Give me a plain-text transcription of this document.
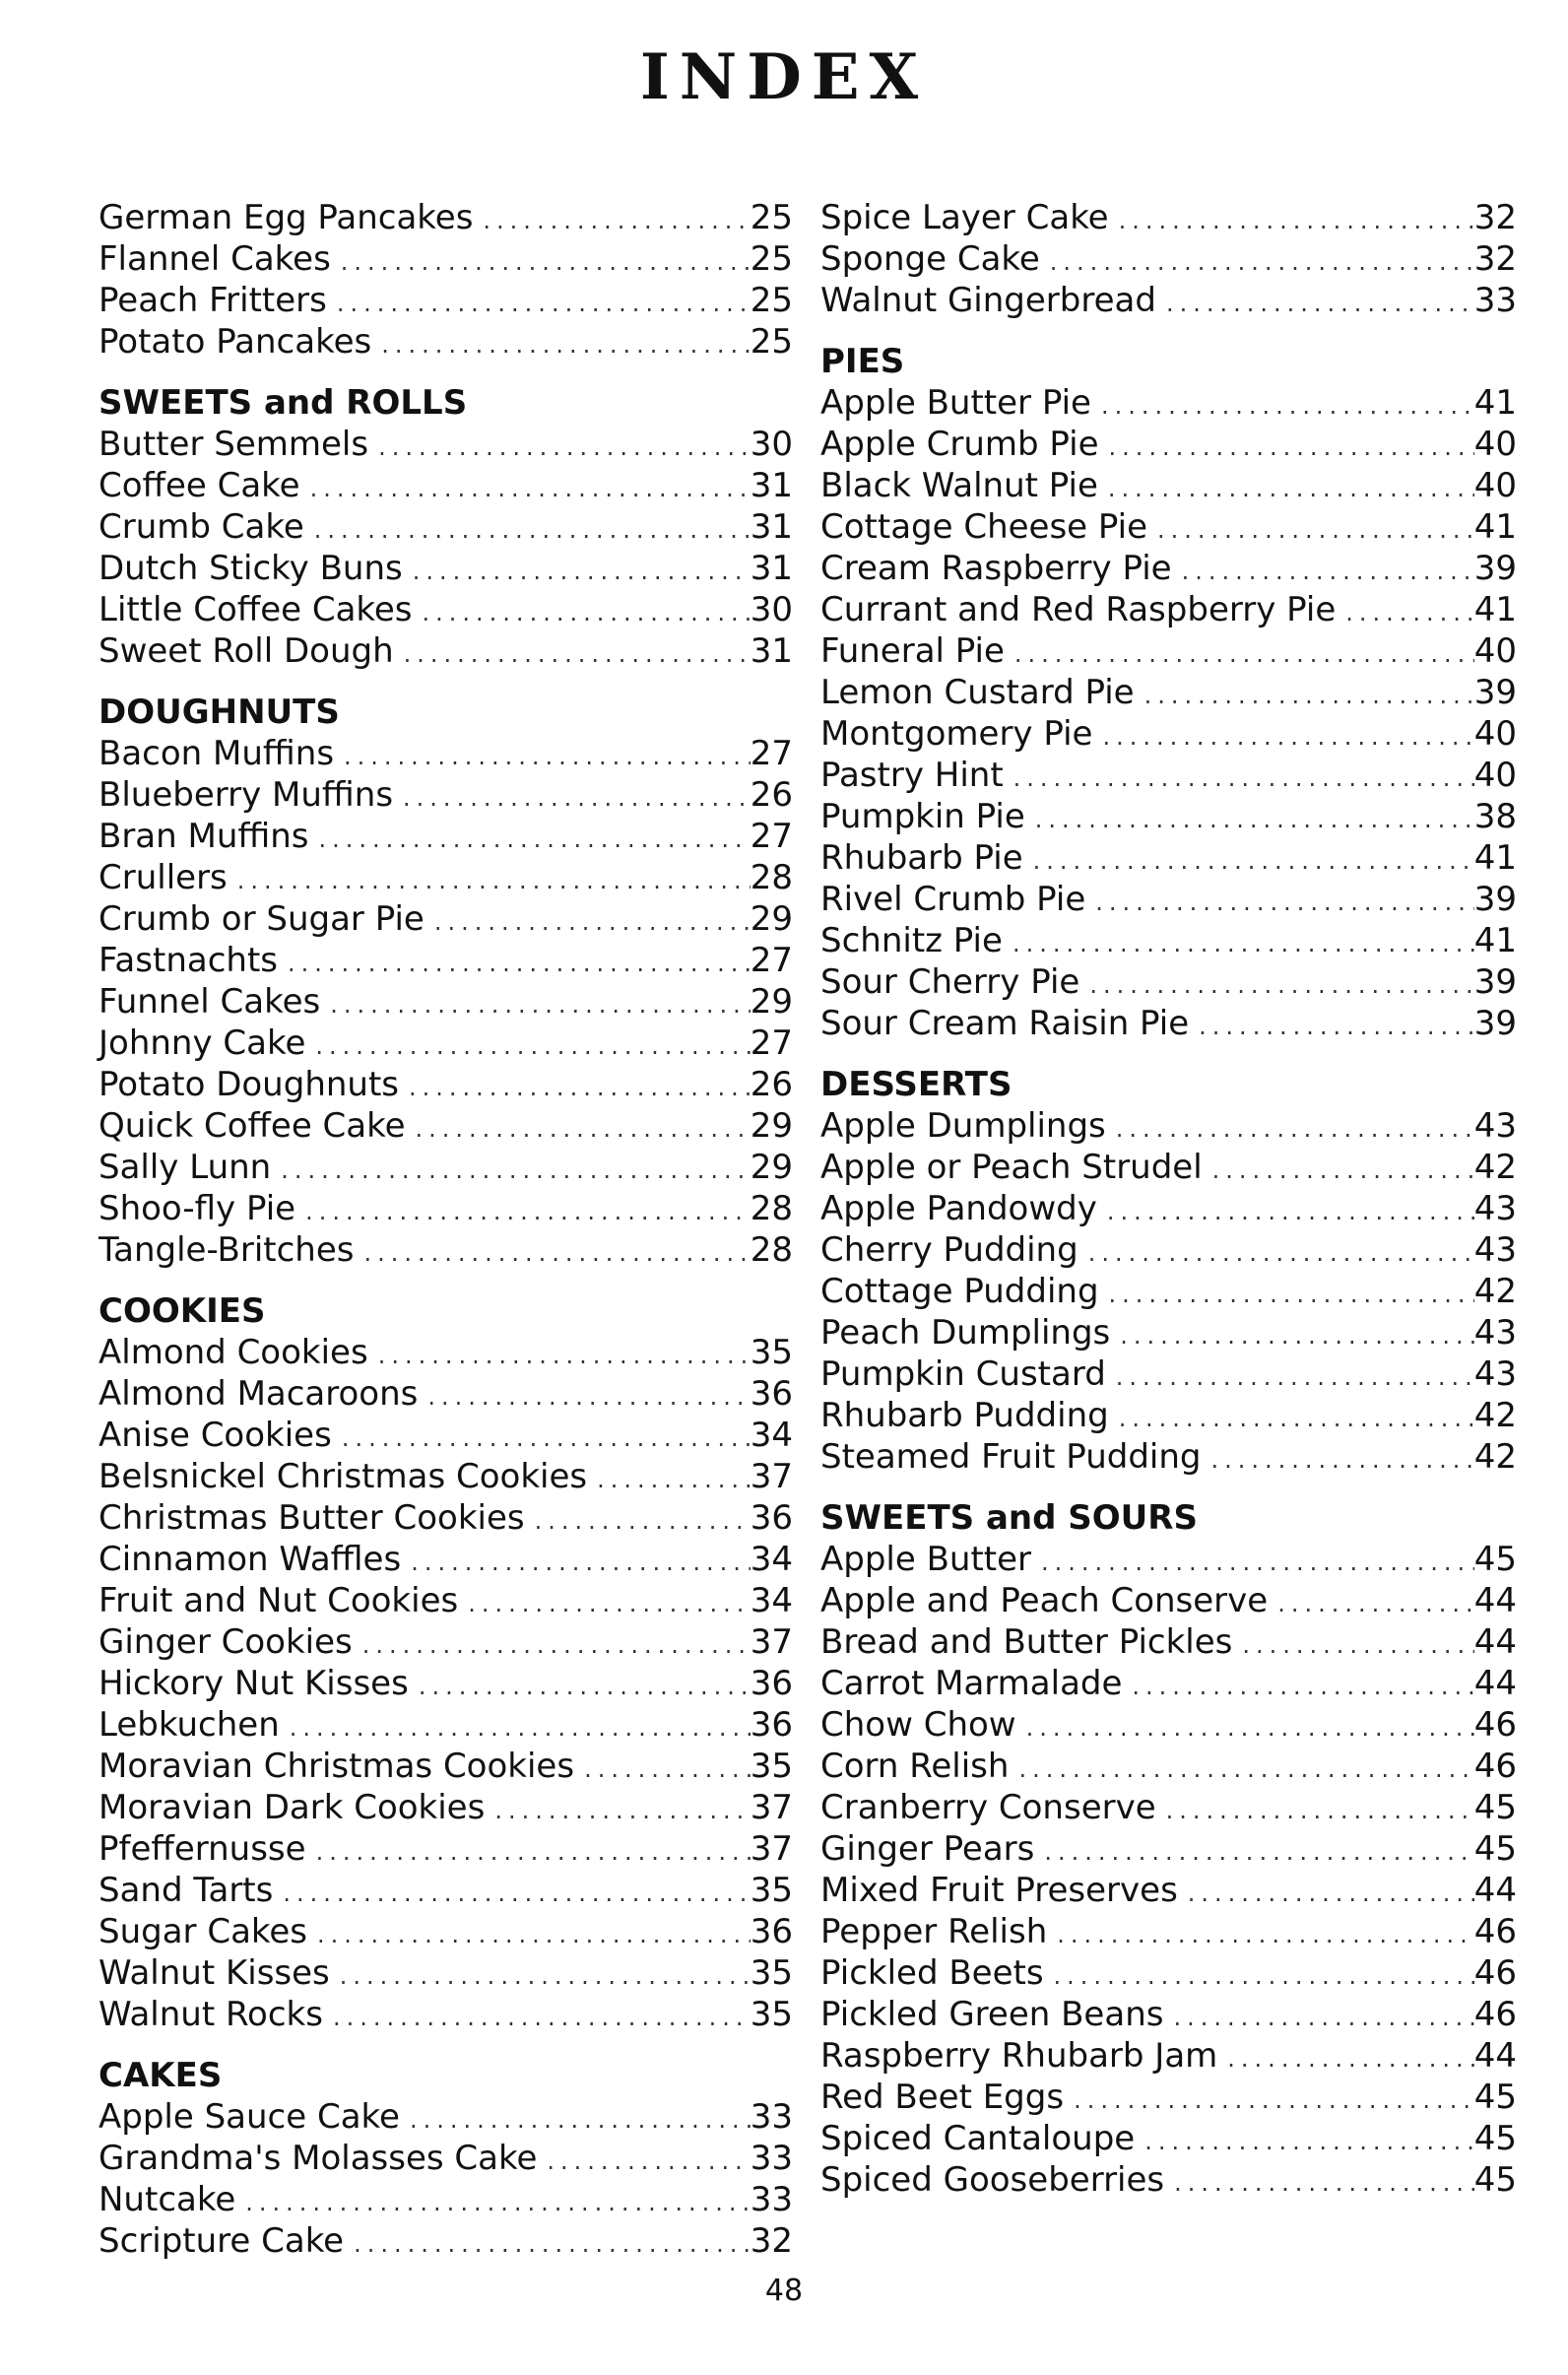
INDEX
German Egg Pancakes .....	25
Flannel Cakes .....	25
Peach Fritters .....	25
Potato Pancakes .....	25
SWEETS and ROLLS
Butter Semmels .....	30
Coffee Cake .....	31
Crumb Cake .....	31
Dutch Sticky Buns .....	31
Little Coffee Cakes .....	30
Sweet Roll Dough .....	31
DOUGHNUTS
Bacon Muffins .....	27
Blueberry Muffins .....	26
Bran Muffins .....	27
Crullers .....	28
Crumb or Sugar Pie .....	29
Fastnachts .....	27
Funnel Cakes .....	29
Johnny Cake .....	27
Potato Doughnuts .....	26
Quick Coffee Cake .....	29
Sally Lunn .....	29
Shoo-fly Pie .....	28
Tangle-Britches .....	28
COOKIES
Almond Cookies .....	35
Almond Macaroons .....	36
Anise Cookies .....	34
Belsnickel Christmas Cookies .....	37
Christmas Butter Cookies .....	36
Cinnamon Waffles .....	34
Fruit and Nut Cookies .....	34
Ginger Cookies .....	37
Hickory Nut Kisses .....	36
Lebkuchen .....	36
Moravian Christmas Cookies .....	35
Moravian Dark Cookies .....	37
Pfeffernusse .....	37
Sand Tarts .....	35
Sugar Cakes .....	36
Walnut Kisses .....	35
Walnut Rocks .....	35
CAKES
Apple Sauce Cake .....	33
Grandma's Molasses Cake .....	33
Nutcake .....	33
Scripture Cake .....	32
Spice Layer Cake .....	32
Sponge Cake .....	32
Walnut Gingerbread .....	33
PIES
Apple Butter Pie .....	41
Apple Crumb Pie .....	40
Black Walnut Pie .....	40
Cottage Cheese Pie .....	41
Cream Raspberry Pie .....	39
Currant and Red Raspberry Pie .....	41
Funeral Pie .....	40
Lemon Custard Pie .....	39
Montgomery Pie .....	40
Pastry Hint .....	40
Pumpkin Pie .....	38
Rhubarb Pie .....	41
Rivel Crumb Pie .....	39
Schnitz Pie .....	41
Sour Cherry Pie .....	39
Sour Cream Raisin Pie .....	39
DESSERTS
Apple Dumplings .....	43
Apple or Peach Strudel .....	42
Apple Pandowdy .....	43
Cherry Pudding .....	43
Cottage Pudding .....	42
Peach Dumplings .....	43
Pumpkin Custard .....	43
Rhubarb Pudding .....	42
Steamed Fruit Pudding .....	42
SWEETS and SOURS
Apple Butter .....	45
Apple and Peach Conserve .....	44
Bread and Butter Pickles .....	44
Carrot Marmalade .....	44
Chow Chow .....	46
Corn Relish .....	46
Cranberry Conserve .....	45
Ginger Pears .....	45
Mixed Fruit Preserves .....	44
Pepper Relish .....	46
Pickled Beets .....	46
Pickled Green Beans .....	46
Raspberry Rhubarb Jam .....	44
Red Beet Eggs .....	45
Spiced Cantaloupe .....	45
Spiced Gooseberries .....	45
48
